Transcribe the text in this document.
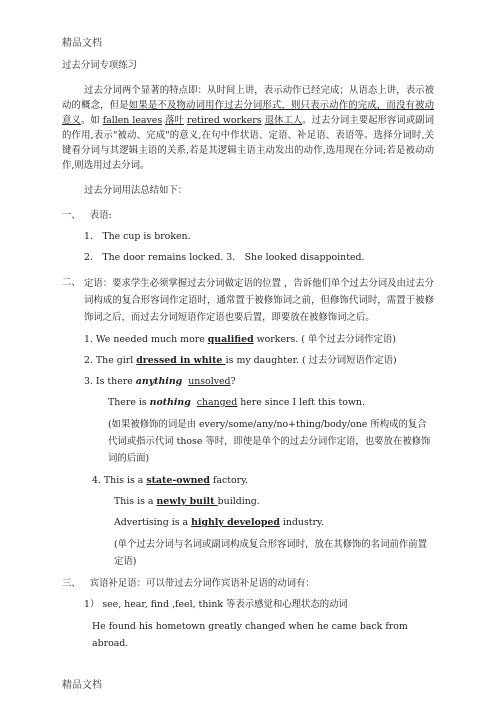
精品文档

过去分词专项练习

过去分词两个显著的特点即：从时间上讲，表示动作已经完成；从语态上讲，表示被动的概念，但是如果是不及物动词用作过去分词形式，则只表示动作的完成，而没有被动意义。如 fallen leaves 落叶 retired workers 退休工人。过去分词主要起形容词或副词的作用,表示"被动、完成"的意义,在句中作状语、定语、补足语、表语等。选择分词时,关键看分词与其逻辑主语的关系,若是其逻辑主语主动发出的动作,选用现在分词;若是被动动作,则选用过去分词。

过去分词用法总结如下：

一、 表语:

1． The cup is broken.

2． The door remains locked. 3． She looked disappointed.

二、 定语：要求学生必须掌握过去分词做定语的位置 ，告诉他们单个过去分词及由过去分词构成的复合形容词作定语时，通常置于被修饰词之前，但修饰代词时，需置于被修饰词之后，而过去分词短语作定语也要后置，即要放在被修饰词之后。

1. We needed much more qualified workers. ( 单个过去分词作定语)

2. The girl dressed in white is my daughter. ( 过去分词短语作定语)

3. Is there anything unsolved?

There is nothing changed here since I left this town.

(如果被修饰的词是由 every/some/any/no+thing/body/one 所构成的复合代词或指示代词 those 等时，即使是单个的过去分词作定语，也要放在被修饰词的后面)

4. This is a state-owned factory.

This is a newly built building.

Advertising is a highly developed industry.

(单个过去分词与名词或副词构成复合形容词时，放在其修饰的名词前作前置定语)

三、 宾语补足语：可以带过去分词作宾语补足语的动词有：

1） see, hear, find ,feel, think 等表示感觉和心理状态的动词

He found his hometown greatly changed when he came back from abroad.

精品文档
